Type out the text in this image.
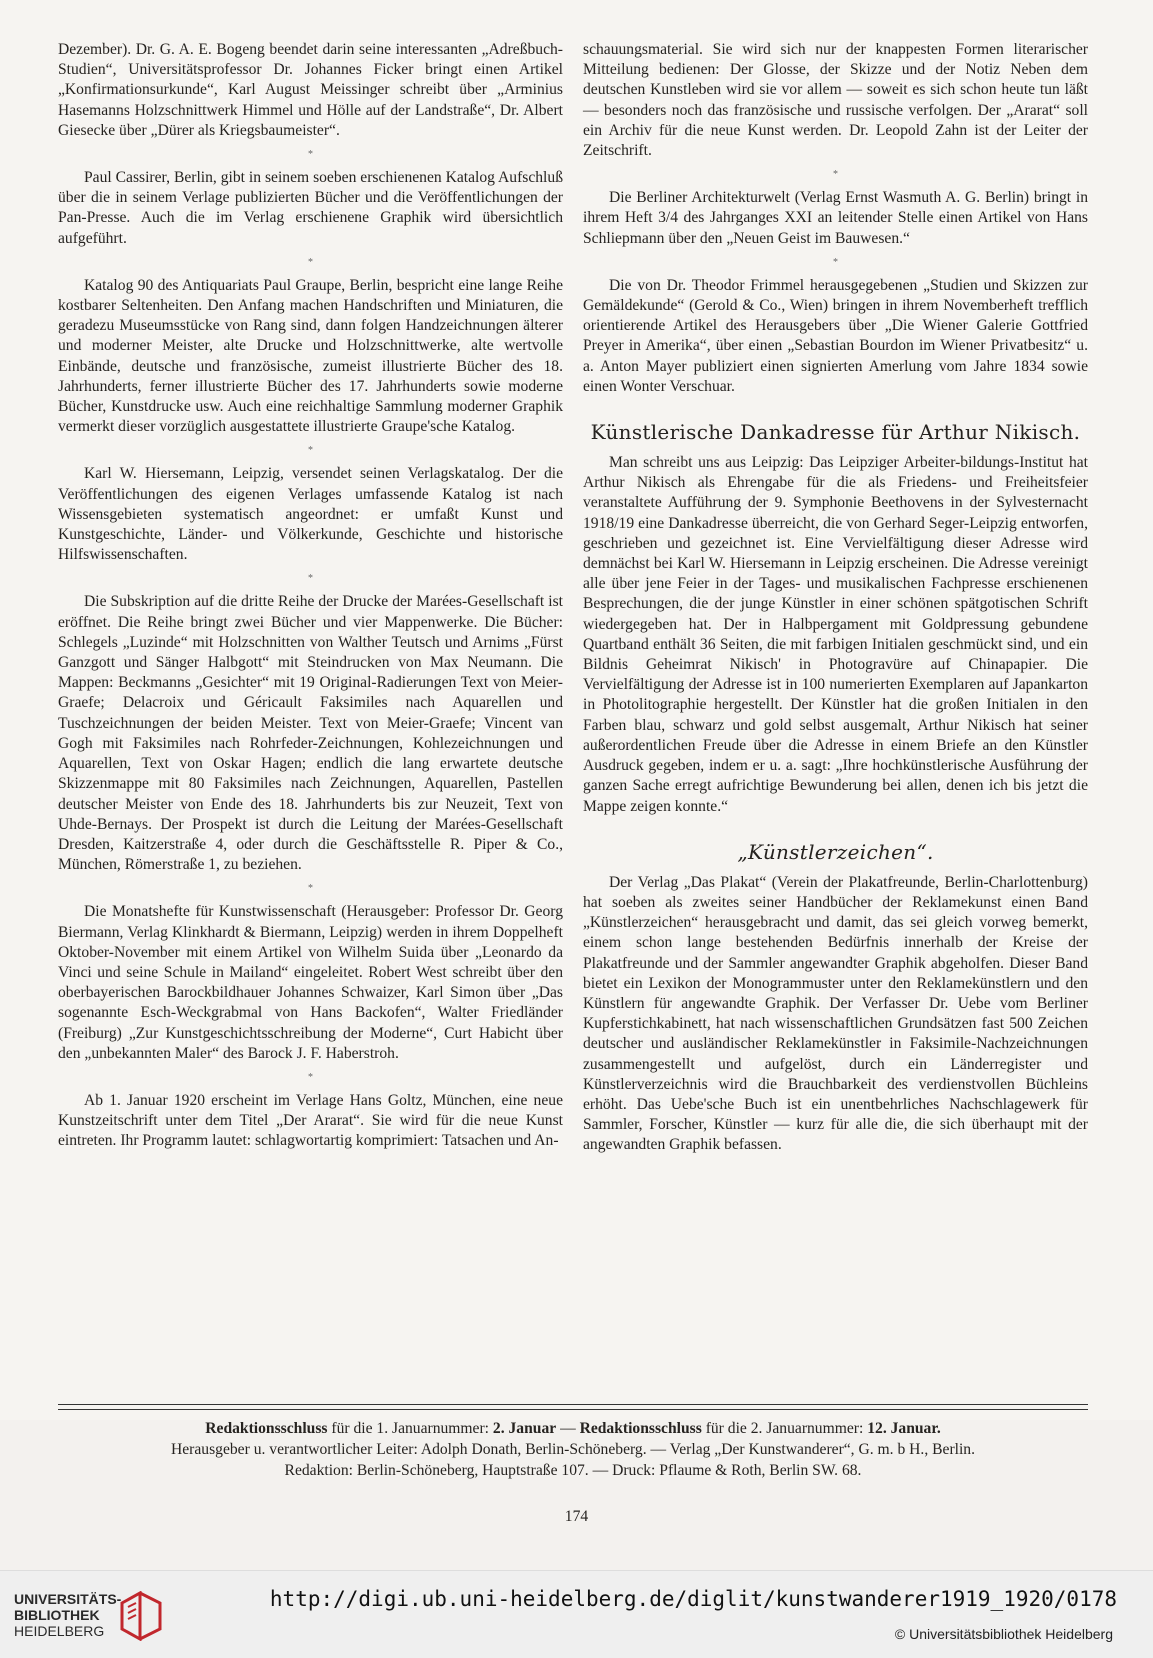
Dezember). Dr. G. A. E. Bogeng beendet darin seine interessanten „Adreßbuch-Studien“, Universitätsprofessor Dr. Johannes Ficker bringt einen Artikel „Konfirmationsurkunde“, Karl August Meissinger schreibt über „Arminius Hasemanns Holzschnittwerk Himmel und Hölle auf der Landstraße“, Dr. Albert Giesecke über „Dürer als Kriegsbaumeister“.

*

Paul Cassirer, Berlin, gibt in seinem soeben erschienenen Katalog Aufschluß über die in seinem Verlage publizierten Bücher und die Veröffentlichungen der Pan-Presse. Auch die im Verlag erschienene Graphik wird übersichtlich aufgeführt.

*

Katalog 90 des Antiquariats Paul Graupe, Berlin, bespricht eine lange Reihe kostbarer Seltenheiten. Den Anfang machen Handschriften und Miniaturen, die geradezu Museumsstücke von Rang sind, dann folgen Handzeichnungen älterer und moderner Meister, alte Drucke und Holzschnittwerke, alte wertvolle Einbände, deutsche und französische, zumeist illustrierte Bücher des 18. Jahrhunderts, ferner illustrierte Bücher des 17. Jahrhunderts sowie moderne Bücher, Kunstdrucke usw. Auch eine reichhaltige Sammlung moderner Graphik vermerkt dieser vorzüglich ausgestattete illustrierte Graupe'sche Katalog.

*

Karl W. Hiersemann, Leipzig, versendet seinen Verlagskatalog. Der die Veröffentlichungen des eigenen Verlages umfassende Katalog ist nach Wissensgebieten systematisch angeordnet: er umfaßt Kunst und Kunstgeschichte, Länder- und Völkerkunde, Geschichte und historische Hilfswissenschaften.

*

Die Subskription auf die dritte Reihe der Drucke der Marées-Gesellschaft ist eröffnet. Die Reihe bringt zwei Bücher und vier Mappenwerke. Die Bücher: Schlegels „Luzinde“ mit Holzschnitten von Walther Teutsch und Arnims „Fürst Ganzgott und Sänger Halbgott“ mit Steindrucken von Max Neumann. Die Mappen: Beckmanns „Gesichter“ mit 19 Original-Radierungen Text von Meier-Graefe; Delacroix und Géricault Faksimiles nach Aquarellen und Tuschzeichnungen der beiden Meister. Text von Meier-Graefe; Vincent van Gogh mit Faksimiles nach Rohrfeder-Zeichnungen, Kohlezeichnungen und Aquarellen, Text von Oskar Hagen; endlich die lang erwartete deutsche Skizzenmappe mit 80 Faksimiles nach Zeichnungen, Aquarellen, Pastellen deutscher Meister von Ende des 18. Jahrhunderts bis zur Neuzeit, Text von Uhde-Bernays. Der Prospekt ist durch die Leitung der Marées-Gesellschaft Dresden, Kaitzerstraße 4, oder durch die Geschäftsstelle R. Piper & Co., München, Römerstraße 1, zu beziehen.

*

Die Monatshefte für Kunstwissenschaft (Herausgeber: Professor Dr. Georg Biermann, Verlag Klinkhardt & Biermann, Leipzig) werden in ihrem Doppelheft Oktober-November mit einem Artikel von Wilhelm Suida über „Leonardo da Vinci und seine Schule in Mailand“ eingeleitet. Robert West schreibt über den oberbayerischen Barockbildhauer Johannes Schwaizer, Karl Simon über „Das sogenannte Esch-Weckgrabmal von Hans Backofen“, Walter Friedländer (Freiburg) „Zur Kunstgeschichtsschreibung der Moderne“, Curt Habicht über den „unbekannten Maler“ des Barock J. F. Haberstroh.

*

Ab 1. Januar 1920 erscheint im Verlage Hans Goltz, München, eine neue Kunstzeitschrift unter dem Titel „Der Ararat“. Sie wird für die neue Kunst eintreten. Ihr Programm lautet: schlagwortartig komprimiert: Tatsachen und An-

schauungsmaterial. Sie wird sich nur der knappesten Formen literarischer Mitteilung bedienen: Der Glosse, der Skizze und der Notiz Neben dem deutschen Kunstleben wird sie vor allem — soweit es sich schon heute tun läßt — besonders noch das französische und russische verfolgen. Der „Ararat“ soll ein Archiv für die neue Kunst werden. Dr. Leopold Zahn ist der Leiter der Zeitschrift.

*

Die Berliner Architekturwelt (Verlag Ernst Wasmuth A. G. Berlin) bringt in ihrem Heft 3/4 des Jahrganges XXI an leitender Stelle einen Artikel von Hans Schliepmann über den „Neuen Geist im Bauwesen.“

*

Die von Dr. Theodor Frimmel herausgegebenen „Studien und Skizzen zur Gemäldekunde“ (Gerold & Co., Wien) bringen in ihrem Novemberheft trefflich orientierende Artikel des Herausgebers über „Die Wiener Galerie Gottfried Preyer in Amerika“, über einen „Sebastian Bourdon im Wiener Privatbesitz“ u. a. Anton Mayer publiziert einen signierten Amerlung vom Jahre 1834 sowie einen Wonter Verschuar.

Künstlerische Dankadresse für Arthur Nikisch.

Man schreibt uns aus Leipzig: Das Leipziger Arbeiter-bildungs-Institut hat Arthur Nikisch als Ehrengabe für die als Friedens- und Freiheitsfeier veranstaltete Aufführung der 9. Symphonie Beethovens in der Sylvesternacht 1918/19 eine Dankadresse überreicht, die von Gerhard Seger-Leipzig entworfen, geschrieben und gezeichnet ist. Eine Vervielfältigung dieser Adresse wird demnächst bei Karl W. Hiersemann in Leipzig erscheinen. Die Adresse vereinigt alle über jene Feier in der Tages- und musikalischen Fachpresse erschienenen Besprechungen, die der junge Künstler in einer schönen spätgotischen Schrift wiedergegeben hat. Der in Halbpergament mit Goldpressung gebundene Quartband enthält 36 Seiten, die mit farbigen Initialen geschmückt sind, und ein Bildnis Geheimrat Nikisch' in Photogravüre auf Chinapapier. Die Vervielfältigung der Adresse ist in 100 numerierten Exemplaren auf Japankarton in Photolitographie hergestellt. Der Künstler hat die großen Initialen in den Farben blau, schwarz und gold selbst ausgemalt, Arthur Nikisch hat seiner außerordentlichen Freude über die Adresse in einem Briefe an den Künstler Ausdruck gegeben, indem er u. a. sagt: „Ihre hochkünstlerische Ausführung der ganzen Sache erregt aufrichtige Bewunderung bei allen, denen ich bis jetzt die Mappe zeigen konnte.“

„Künstlerzeichen“.

Der Verlag „Das Plakat“ (Verein der Plakatfreunde, Berlin-Charlottenburg) hat soeben als zweites seiner Handbücher der Reklamekunst einen Band „Künstlerzeichen“ herausgebracht und damit, das sei gleich vorweg bemerkt, einem schon lange bestehenden Bedürfnis innerhalb der Kreise der Plakatfreunde und der Sammler angewandter Graphik abgeholfen. Dieser Band bietet ein Lexikon der Monogrammuster unter den Reklamekünstlern und den Künstlern für angewandte Graphik. Der Verfasser Dr. Uebe vom Berliner Kupferstichkabinett, hat nach wissenschaftlichen Grundsätzen fast 500 Zeichen deutscher und ausländischer Reklamekünstler in Faksimile-Nachzeichnungen zusammengestellt und aufgelöst, durch ein Länderregister und Künstlerverzeichnis wird die Brauchbarkeit des verdienstvollen Büchleins erhöht. Das Uebe'sche Buch ist ein unentbehrliches Nachschlagewerk für Sammler, Forscher, Künstler — kurz für alle die, die sich überhaupt mit der angewandten Graphik befassen.

Redaktionsschluss für die 1. Januarnummer: 2. Januar — Redaktionsschluss für die 2. Januarnummer: 12. Januar.
Herausgeber u. verantwortlicher Leiter: Adolph Donath, Berlin-Schöneberg. — Verlag „Der Kunstwanderer“, G. m. b H., Berlin.
Redaktion: Berlin-Schöneberg, Hauptstraße 107. — Druck: Pflaume & Roth, Berlin SW. 68.
174
UNIVERSITÄTS-
BIBLIOTHEK
HEIDELBERG
http://digi.ub.uni-heidelberg.de/diglit/kunstwanderer1919_1920/0178
© Universitätsbibliothek Heidelberg
